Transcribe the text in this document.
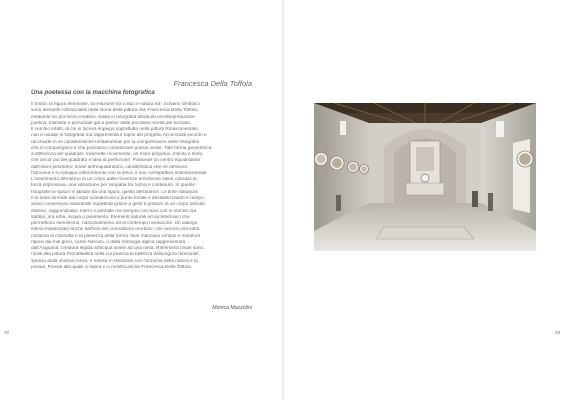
Francesca Della Toffola
Una poetessa con la macchina fotografica
Il fondo, la figura femminile, la relazione tra corpo e natura ed i richiami simbolici
sono elementi rintracciabili nella storia della pittura che Francesca Della Toffola,
mediante un processo creativo, trasla in fotografia attuando un'interpretazione
poetica, intimista e personale già a partire dalla peculiare scelta del formato.
Il cerchio infatti, di cui si faceva impiego soprattutto nella pittura Rinascimentale,
non è usuale in fotografia ma rappresenta il topos del progetto Accerchiati incontri e
racchiude in sé caratteristiche fondamentali per la comprensione delle fotografie
che lo compongono e che possiamo considerare poesie visive. Tale forma geometrica,
a differenza del quadrato, trasmette movimento, un moto perpetuo, infinito e lento,
che ancor più del quadrato è idea di perfezione. Possiede un centro equidistante
dall'intero perimetro, limite dell'inquadratura, caratteristica che ne definisce
l'armonia e si sviluppa ulteriormente con la sfera, il suo corrispettivo tridimensionale.
L'inserimento all'interno di un corpo dalle movenze armoniose viene caricato di
forza espressiva, una vibrazione per simpatia tra forma e contenuto. In queste
fotografie lo spazio è abitato da una figura, quella dell'autrice. Le tinte sfasatura
e le linee formate dal corpo scandiscono il punto focale e destabilizzando il campo
visivo consentono autoritratti equilibrati grazie a gesti e posture di un corpo talvolta
disteso, raggomitolato, intero o parziale ma sempre con-fuso con lo sfondo ora
sabbia, ora erba, acqua o pavimento. Elementi naturali ed architettonici che
permettono mimetismo, nascondimento ed al contempo rivelazione. Un dialogo
intimo evidenziato anche dall'uso del cromatismo morbido, che ancora una volta
richiama la rotondità e la pienezza della forma. Non mancano simboli e metafore
ripresi dai miti greci, come Narciso, o dalla mitologia alpina rappresentata
dall'Anguana, creatura legata all'acqua simile ad una ninfa. Riferimenti chiari sono
rivolti alla pittura Preraffaellita nella cui poetica la bellezza della figura femminile,
spesso dalla chioma rossa, è messa in relazione con l'armonia della natura e la
poesia. Poesia alla quale si ispira e ci mostra anche Francesca Della Toffola.
Monica Mazzolini
48	49
